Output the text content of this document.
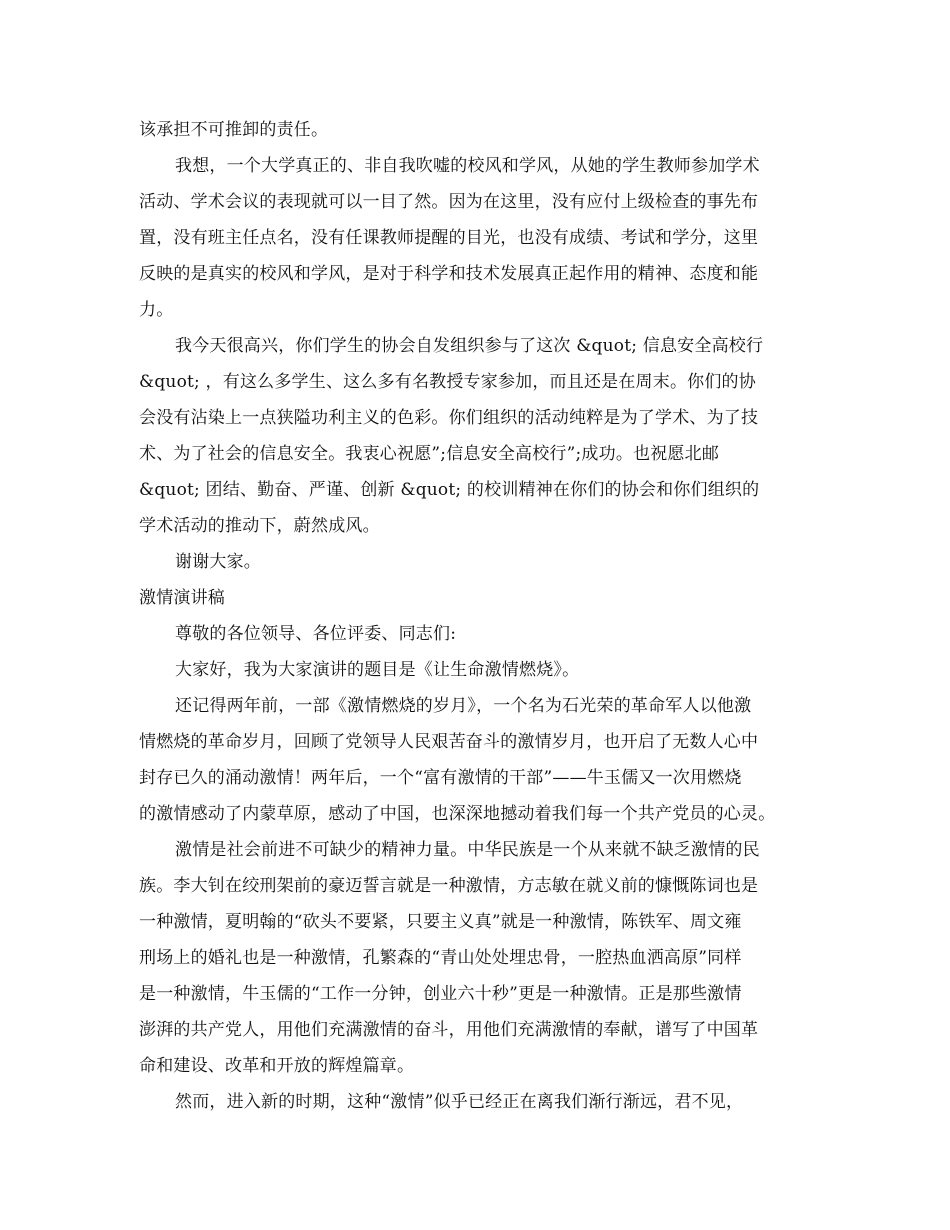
该承担不可推卸的责任。
我想，一个大学真正的、非自我吹嘘的校风和学风，从她的学生教师参加学术
活动、学术会议的表现就可以一目了然。因为在这里，没有应付上级检查的事先布
置，没有班主任点名，没有任课教师提醒的目光，也没有成绩、考试和学分，这里
反映的是真实的校风和学风，是对于科学和技术发展真正起作用的精神、态度和能
力。
我今天很高兴，你们学生的协会自发组织参与了这次 &quot; 信息安全高校行
&quot; ，有这么多学生、这么多有名教授专家参加，而且还是在周末。你们的协
会没有沾染上一点狭隘功利主义的色彩。你们组织的活动纯粹是为了学术、为了技
术、为了社会的信息安全。我衷心祝愿”;信息安全高校行”;成功。也祝愿北邮
&quot; 团结、勤奋、严谨、创新 &quot; 的校训精神在你们的协会和你们组织的
学术活动的推动下，蔚然成风。
谢谢大家。
激情演讲稿
尊敬的各位领导、各位评委、同志们:
大家好，我为大家演讲的题目是《让生命激情燃烧》。
还记得两年前，一部《激情燃烧的岁月》，一个名为石光荣的革命军人以他激
情燃烧的革命岁月，回顾了党领导人民艰苦奋斗的激情岁月，也开启了无数人心中
封存已久的涌动激情！两年后，一个“富有激情的干部”——牛玉儒又一次用燃烧
的激情感动了内蒙草原，感动了中国，也深深地撼动着我们每一个共产党员的心灵。
激情是社会前进不可缺少的精神力量。中华民族是一个从来就不缺乏激情的民
族。李大钊在绞刑架前的豪迈誓言就是一种激情，方志敏在就义前的慷慨陈词也是
一种激情，夏明翰的“砍头不要紧，只要主义真”就是一种激情，陈铁军、周文雍
刑场上的婚礼也是一种激情，孔繁森的“青山处处埋忠骨，一腔热血洒高原”同样
是一种激情，牛玉儒的“工作一分钟，创业六十秒”更是一种激情。正是那些激情
澎湃的共产党人，用他们充满激情的奋斗，用他们充满激情的奉献，谱写了中国革
命和建设、改革和开放的辉煌篇章。
然而，进入新的时期，这种“激情”似乎已经正在离我们渐行渐远，君不见，
